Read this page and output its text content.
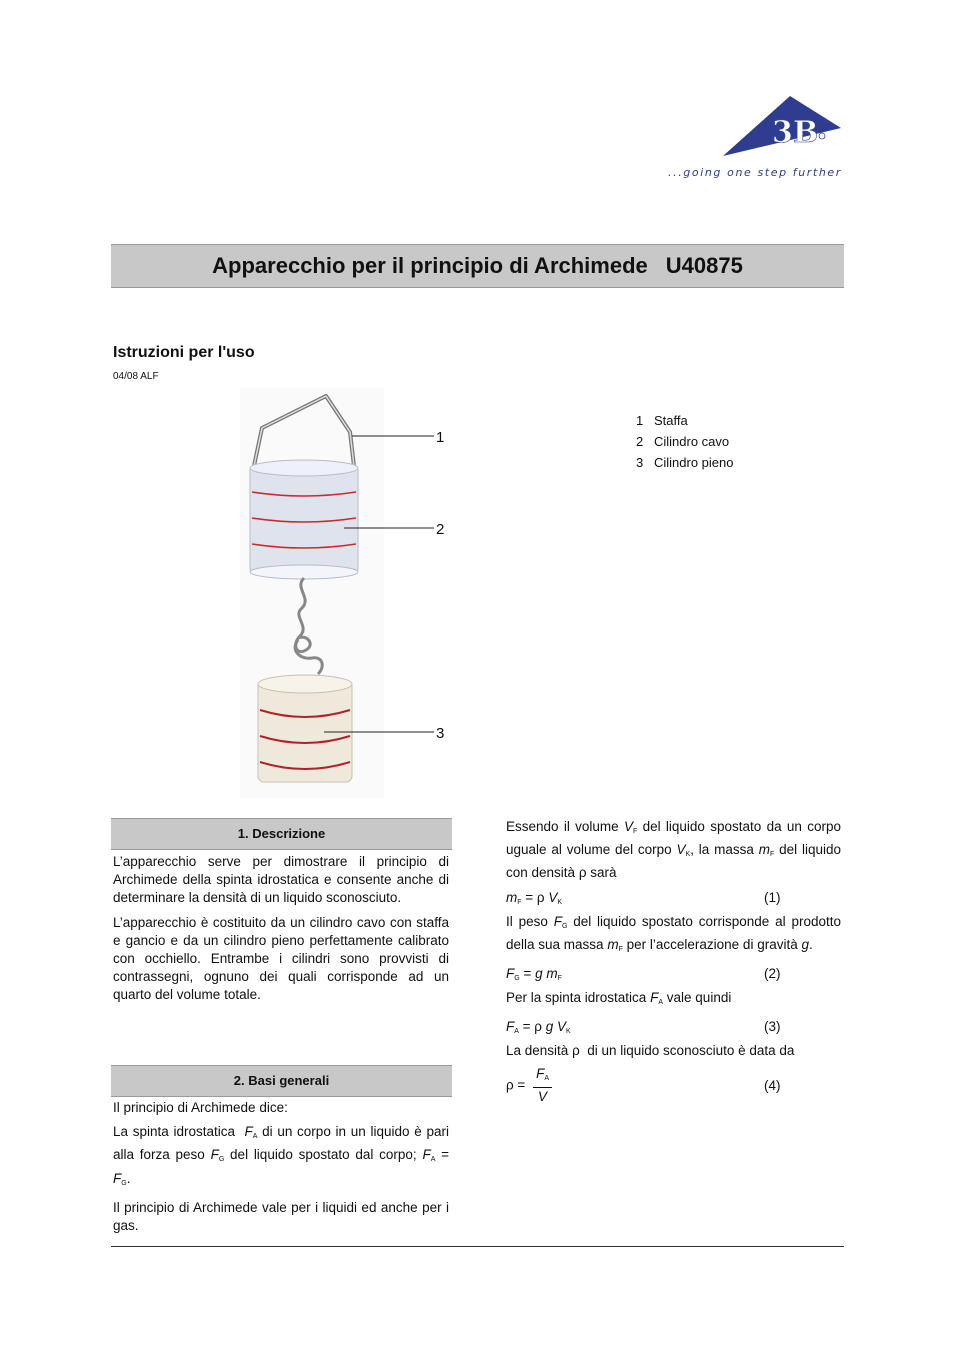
3B
...going one step further
Apparecchio per il principio di Archimede U40875
Istruzioni per l'uso
04/08 ALF
1
2
3
1 Staffa
2 Cilindro cavo
3 Cilindro pieno
1. Descrizione

L’apparecchio serve per dimostrare il principio di Archimede della spinta idrostatica e consente anche di determinare la densità di un liquido sconosciuto.

L’apparecchio è costituito da un cilindro cavo con staffa e gancio e da un cilindro pieno perfettamente calibrato con occhiello. Entrambe i cilindri sono provvisti di contrassegni, ognuno dei quali corrisponde ad un quarto del volume totale.

2. Basi generali

Il principio di Archimede dice:

La spinta idrostatica  $F_A$ di un corpo in un liquido è pari alla forza peso $F_G$ del liquido spostato dal corpo; $F_A = F_G$.

Il principio di Archimede vale per i liquidi ed anche per i gas.

Essendo il volume $V_F$ del liquido spostato da un corpo uguale al volume del corpo $V_K$, la massa $m_F$ del liquido con densità ρ sarà

$m_F = \rho$ $V_K$	(1)

Il peso $F_G$ del liquido spostato corrisponde al prodotto della sua massa $m_F$ per l’accelerazione di gravità g.

$F_G = g$ $m_F$	(2)

Per la spinta idrostatica $F_A$ vale quindi

$F_A = \rho$ g $V_K$	(3)

La densità ρ  di un liquido sconosciuto è data da

$\rho = \frac{F_A}{V}$	(4)
